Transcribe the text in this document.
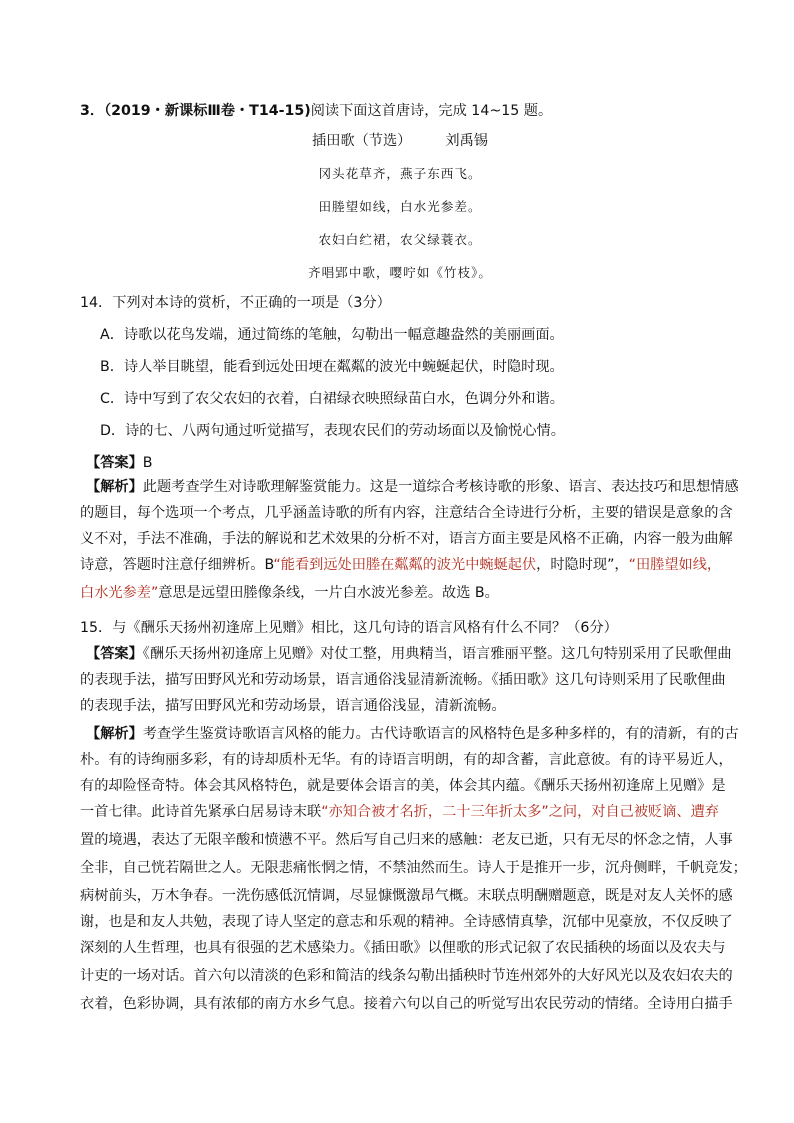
3．（2019・新课标Ⅲ卷・T14-15)阅读下面这首唐诗，完成 14~15 题。
插田歌（节选） 刘禹锡
冈头花草齐，燕子东西飞。
田塍望如线，白水光参差。
农妇白纻裙，农父绿蓑衣。
齐唱郢中歌，嘤咛如《竹枝》。
14．下列对本诗的赏析，不正确的一项是（3分）
A．诗歌以花鸟发端，通过简练的笔触，勾勒出一幅意趣盎然的美丽画面。
B．诗人举目眺望，能看到远处田埂在粼粼的波光中蜿蜒起伏，时隐时现。
C．诗中写到了农父农妇的衣着，白裙绿衣映照绿苗白水，色调分外和谐。
D．诗的七、八两句通过听觉描写，表现农民们的劳动场面以及愉悦心情。
【答案】B
【解析】此题考查学生对诗歌理解鉴赏能力。这是一道综合考核诗歌的形象、语言、表达技巧和思想情感
的题目，每个选项一个考点，几乎涵盖诗歌的所有内容，注意结合全诗进行分析，主要的错误是意象的含
义不对，手法不准确，手法的解说和艺术效果的分析不对，语言方面主要是风格不正确，内容一般为曲解
诗意，答题时注意仔细辨析。B“能看到远处田塍在粼粼的波光中蜿蜒起伏，时隐时现”，“田塍望如线，
白水光参差”意思是远望田塍像条线，一片白水波光参差。故选 B。
15．与《酬乐天扬州初逢席上见赠》相比，这几句诗的语言风格有什么不同？（6分）
【答案】《酬乐天扬州初逢席上见赠》对仗工整，用典精当，语言雅丽平整。这几句特别采用了民歌俚曲
的表现手法，描写田野风光和劳动场景，语言通俗浅显清新流畅。《插田歌》这几句诗则采用了民歌俚曲
的表现手法，描写田野风光和劳动场景，语言通俗浅显，清新流畅。
【解析】考查学生鉴赏诗歌语言风格的能力。古代诗歌语言的风格特色是多种多样的，有的清新，有的古
朴。有的诗绚丽多彩，有的诗却质朴无华。有的诗语言明朗，有的却含蓄，言此意彼。有的诗平易近人，
有的却险怪奇特。体会其风格特色，就是要体会语言的美，体会其内蕴。《酬乐天扬州初逢席上见赠》是
一首七律。此诗首先紧承白居易诗末联“亦知合被才名折，二十三年折太多”之问，对自己被贬谪、遭弃
置的境遇，表达了无限辛酸和愤懑不平。然后写自己归来的感触：老友已逝，只有无尽的怀念之情，人事
全非，自己恍若隔世之人。无限悲痛怅惘之情，不禁油然而生。诗人于是推开一步，沉舟侧畔，千帆竞发；
病树前头，万木争春。一洗伤感低沉情调，尽显慷慨激昂气概。末联点明酬赠题意，既是对友人关怀的感
谢，也是和友人共勉，表现了诗人坚定的意志和乐观的精神。全诗感情真挚，沉郁中见豪放，不仅反映了
深刻的人生哲理，也具有很强的艺术感染力。《插田歌》以俚歌的形式记叙了农民插秧的场面以及农夫与
计吏的一场对话。首六句以清淡的色彩和简洁的线条勾勒出插秧时节连州郊外的大好风光以及农妇农夫的
衣着，色彩协调，具有浓郁的南方水乡气息。接着六句以自己的听觉写出农民劳动的情绪。全诗用白描手
